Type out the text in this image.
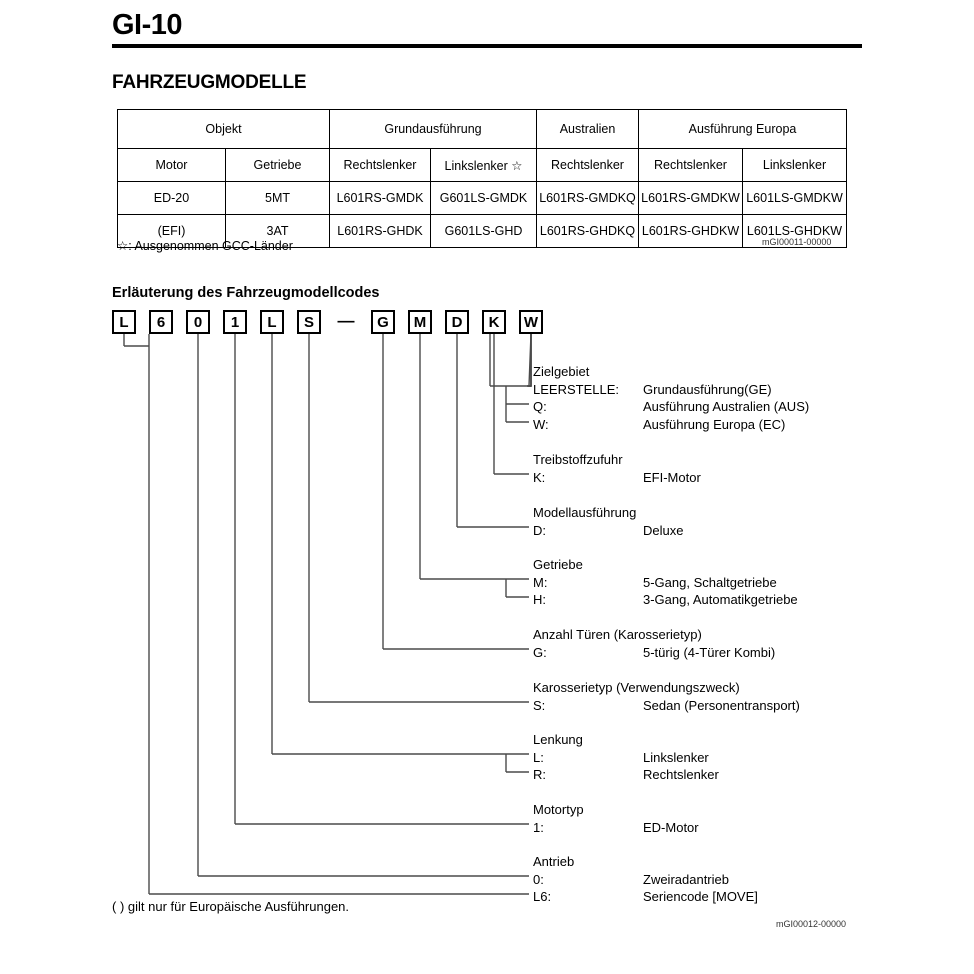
GI-10
FAHRZEUGMODELLE
Objekt		Grundausführung		Australien	Ausführung Europa	
Motor	Getriebe	Rechtslenker	Linkslenker ☆	Rechtslenker	Rechtslenker	Linkslenker
ED-20	5MT	L601RS-GMDK	G601LS-GMDK	L601RS-GMDKQ	L601RS-GMDKW	L601LS-GMDKW
(EFI)	3AT	L601RS-GHDK	G601LS-GHD	L601RS-GHDKQ	L601RS-GHDKW	L601LS-GHDKW
☆: Ausgenommen GCC-Länder	mGI00011-00000
Erläuterung des Fahrzeugmodellcodes
L	6	0	1	L	S	—	G	M	D	K	W
Zielgebiet
LEERSTELLE: Grundausführung(GE)
Q:	Ausführung Australien (AUS)
W:	Ausführung Europa (EC)
Treibstoffzufuhr
K:	EFI-Motor
Modellausführung
D:	Deluxe
Getriebe
M:	5-Gang, Schaltgetriebe
H:	3-Gang, Automatikgetriebe
Anzahl Türen (Karosserietyp)
G:	5-türig (4-Türer Kombi)
Karosserietyp (Verwendungszweck)
S:	Sedan (Personentransport)
Lenkung
L:	Linkslenker
R:	Rechtslenker
Motortyp
1:	ED-Motor
Antrieb
0:	Zweiradantrieb
L6:	Seriencode [MOVE]
( ) gilt nur für Europäische Ausführungen.
mGI00012-00000
